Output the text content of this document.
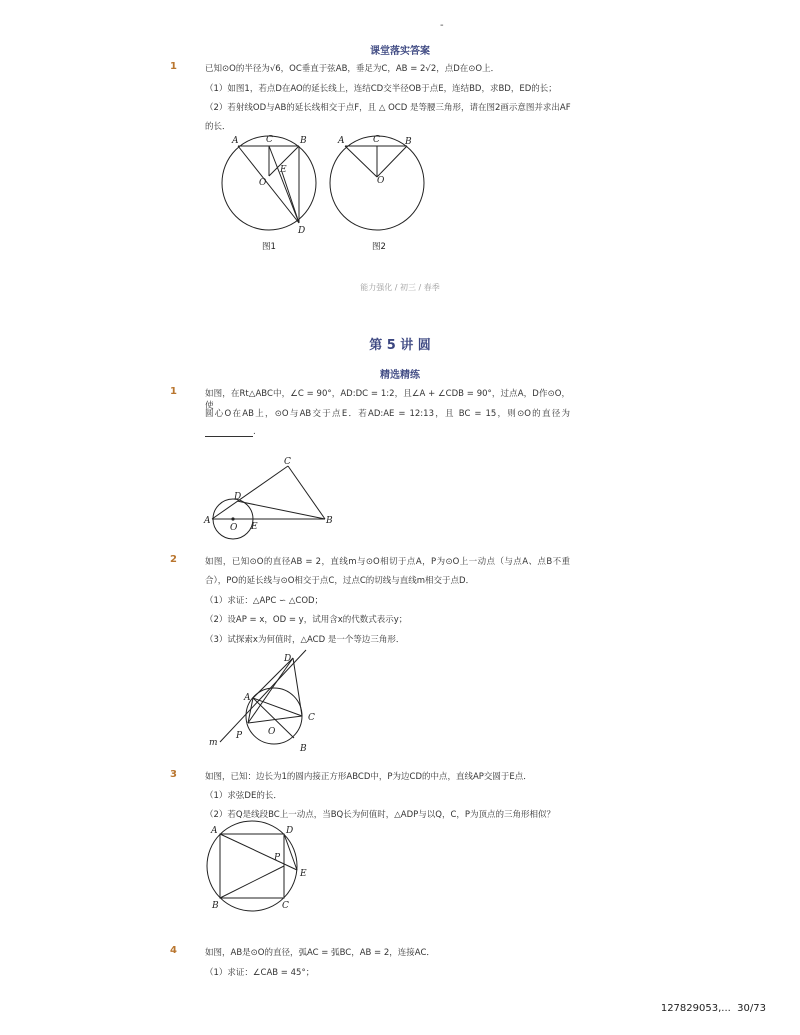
-
课堂落实答案
1	已知⊙O的半径为√6，OC垂直于弦AB，垂足为C，AB = 2√2，点D在⊙O上．
（1）如图1，若点D在AO的延长线上，连结CD交半径OB于点E，连结BD，求BD，ED的长；
（2）若射线OD与AB的延长线相交于点F，且 △ OCD 是等腰三角形，请在图2画示意图并求出AF
的长．
A	C	B
O
E
D
图1
A	C	B
O
图2
能力强化 / 初三 / 春季
第 5 讲 圆
精选精练
1	如图，在Rt△ABC中，∠C = 90°，AD:DC = 1:2，且∠A + ∠CDB = 90°，过点A，D作⊙O，使
圆心O在AB上，⊙O与AB交于点E．若AD:AE = 12:13，且 BC = 15，则⊙O的直径为
.
C
D
A
O E
B
2	如图，已知⊙O的直径AB = 2，直线m与⊙O相切于点A，P为⊙O上一动点（与点A、点B不重
合），PO的延长线与⊙O相交于点C，过点C的切线与直线m相交于点D．
（1）求证：△APC ∽ △COD；
（2）设AP = x，OD = y，试用含x的代数式表示y；
（3）试探索x为何值时，△ACD 是一个等边三角形．
D
A
C
P	O
B
m
3	如图，已知：边长为1的圆内接正方形ABCD中，P为边CD的中点，直线AP交圆于E点．
（1）求弦DE的长．
（2）若Q是线段BC上一动点，当BQ长为何值时，△ADP与以Q，C，P为顶点的三角形相似？
A	D
P
E
B	C
4	如图，AB是⊙O的直径，弧AC = 弧BC，AB = 2，连接AC．
（1）求证：∠CAB = 45°；
127829053,... 30/73
